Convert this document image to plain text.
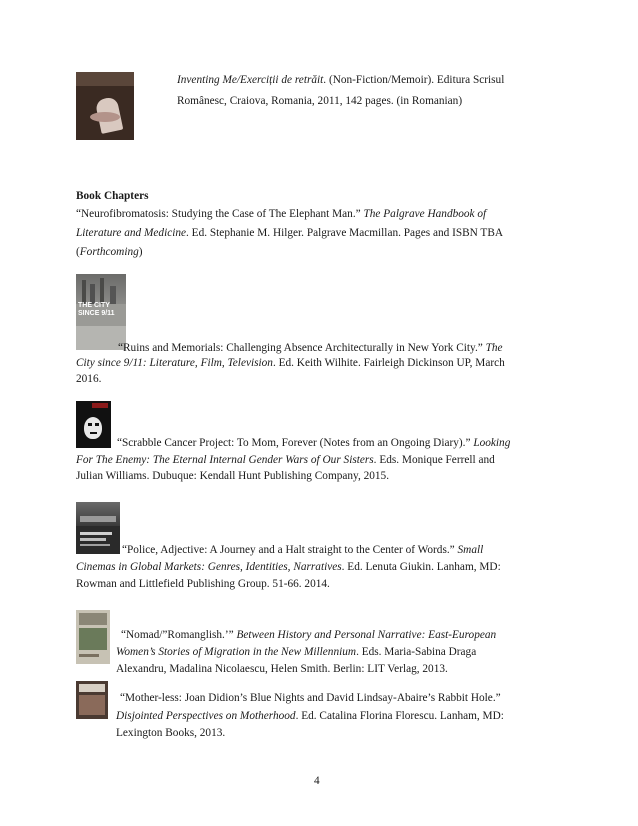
Inventing Me/Exerciții de retrăit. (Non-Fiction/Memoir). Editura Scrisul
Românesc, Craiova, Romania, 2011, 142 pages. (in Romanian)
Book Chapters
“Neurofibromatosis: Studying the Case of The Elephant Man.” The Palgrave Handbook of
Literature and Medicine. Ed. Stephanie M. Hilger. Palgrave Macmillan. Pages and ISBN TBA
(Forthcoming)
THE CITY SINCE 9/11
“Ruins and Memorials: Challenging Absence Architecturally in New York City.” The
City since 9/11: Literature, Film, Television. Ed. Keith Wilhite. Fairleigh Dickinson UP, March
2016.
“Scrabble Cancer Project: To Mom, Forever (Notes from an Ongoing Diary).” Looking
For The Enemy: The Eternal Internal Gender Wars of Our Sisters. Eds. Monique Ferrell and
Julian Williams. Dubuque: Kendall Hunt Publishing Company, 2015.
“Police, Adjective: A Journey and a Halt straight to the Center of Words.” Small
Cinemas in Global Markets: Genres, Identities, Narratives. Ed. Lenuta Giukin. Lanham, MD:
Rowman and Littlefield Publishing Group. 51-66. 2014.
“Nomad/”Romanglish.’” Between History and Personal Narrative: East-European
Women’s Stories of Migration in the New Millennium. Eds. Maria-Sabina Draga
Alexandru, Madalina Nicolaescu, Helen Smith. Berlin: LIT Verlag, 2013.
“Mother-less: Joan Didion’s Blue Nights and David Lindsay-Abaire’s Rabbit Hole.”
Disjointed Perspectives on Motherhood. Ed. Catalina Florina Florescu. Lanham, MD:
Lexington Books, 2013.
4
